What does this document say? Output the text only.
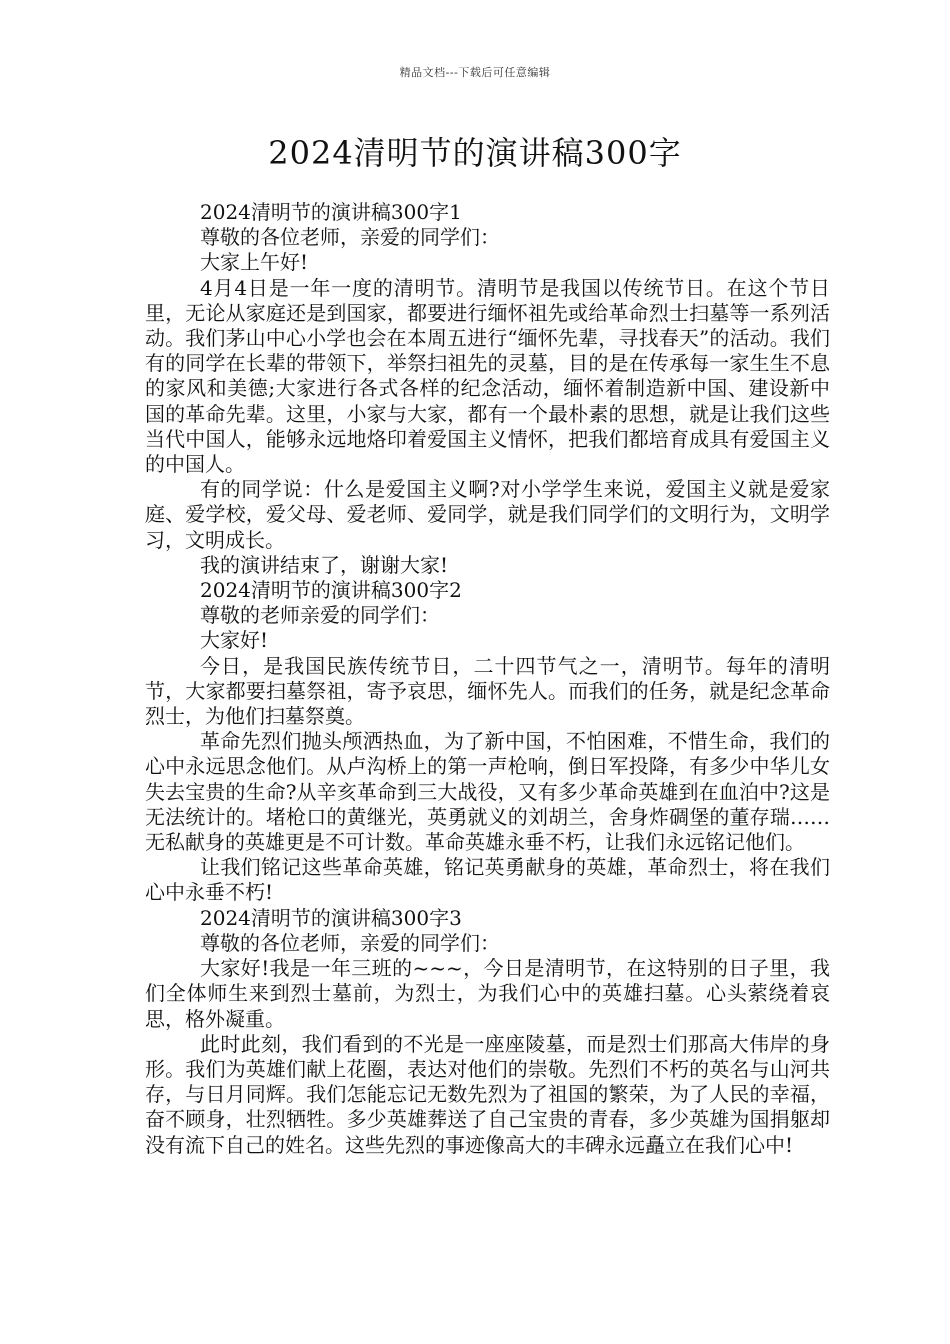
精品文档---下载后可任意编辑
2024清明节的演讲稿300字

2024清明节的演讲稿300字1

尊敬的各位老师，亲爱的同学们：

大家上午好!

4月4日是一年一度的清明节。清明节是我国以传统节日。在这个节日里，无论从家庭还是到国家，都要进行缅怀祖先或给革命烈士扫墓等一系列活动。我们茅山中心小学也会在本周五进行“缅怀先辈，寻找春天”的活动。我们有的同学在长辈的带领下，举祭扫祖先的灵墓，目的是在传承每一家生生不息的家风和美德;大家进行各式各样的纪念活动，缅怀着制造新中国、建设新中国的革命先辈。这里，小家与大家，都有一个最朴素的思想，就是让我们这些当代中国人，能够永远地烙印着爱国主义情怀，把我们都培育成具有爱国主义的中国人。

有的同学说：什么是爱国主义啊?对小学学生来说，爱国主义就是爱家庭、爱学校，爱父母、爱老师、爱同学，就是我们同学们的文明行为，文明学习，文明成长。

我的演讲结束了，谢谢大家!

2024清明节的演讲稿300字2

尊敬的老师亲爱的同学们：

大家好!

今日，是我国民族传统节日，二十四节气之一，清明节。每年的清明节，大家都要扫墓祭祖，寄予哀思，缅怀先人。而我们的任务，就是纪念革命烈士，为他们扫墓祭奠。

革命先烈们抛头颅洒热血，为了新中国，不怕困难，不惜生命，我们的心中永远思念他们。从卢沟桥上的第一声枪响，倒日军投降，有多少中华儿女失去宝贵的生命?从辛亥革命到三大战役，又有多少革命英雄到在血泊中?这是无法统计的。堵枪口的黄继光，英勇就义的刘胡兰，舍身炸碉堡的董存瑞……无私献身的英雄更是不可计数。革命英雄永垂不朽，让我们永远铭记他们。

让我们铭记这些革命英雄，铭记英勇献身的英雄，革命烈士，将在我们心中永垂不朽!

2024清明节的演讲稿300字3

尊敬的各位老师，亲爱的同学们：

大家好!我是一年三班的~~~，今日是清明节，在这特别的日子里，我们全体师生来到烈士墓前，为烈士，为我们心中的英雄扫墓。心头萦绕着哀思，格外凝重。

此时此刻，我们看到的不光是一座座陵墓，而是烈士们那高大伟岸的身形。我们为英雄们献上花圈，表达对他们的崇敬。先烈们不朽的英名与山河共存，与日月同辉。我们怎能忘记无数先烈为了祖国的繁荣，为了人民的幸福，奋不顾身，壮烈牺牲。多少英雄葬送了自己宝贵的青春，多少英雄为国捐躯却没有流下自己的姓名。这些先烈的事迹像高大的丰碑永远矗立在我们心中!
